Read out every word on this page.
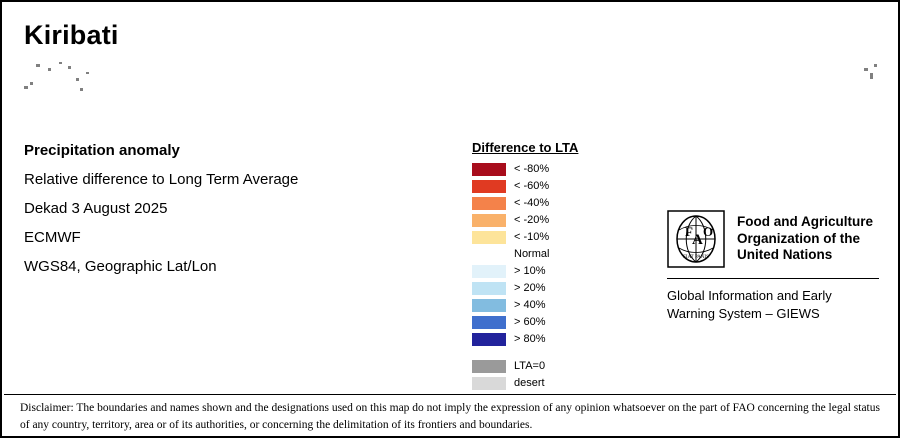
Kiribati
Precipitation anomaly
Relative difference to Long Term Average
Dekad 3 August 2025
ECMWF
WGS84, Geographic Lat/Lon
Difference to LTA
< -80%
< -60%
< -40%
< -20%
< -10%
Normal
> 10%
> 20%
> 40%
> 60%
> 80%
LTA=0
desert
F
A
O
FIAT PANIS
Food and Agriculture
Organization of the
United Nations
Global Information and Early
Warning System – GIEWS
Disclaimer: The boundaries and names shown and the designations used on this map do not imply the expression of any opinion whatsoever on the part of FAO concerning the legal status of any country, territory, area or of its authorities, or concerning the delimitation of its frontiers and boundaries.
